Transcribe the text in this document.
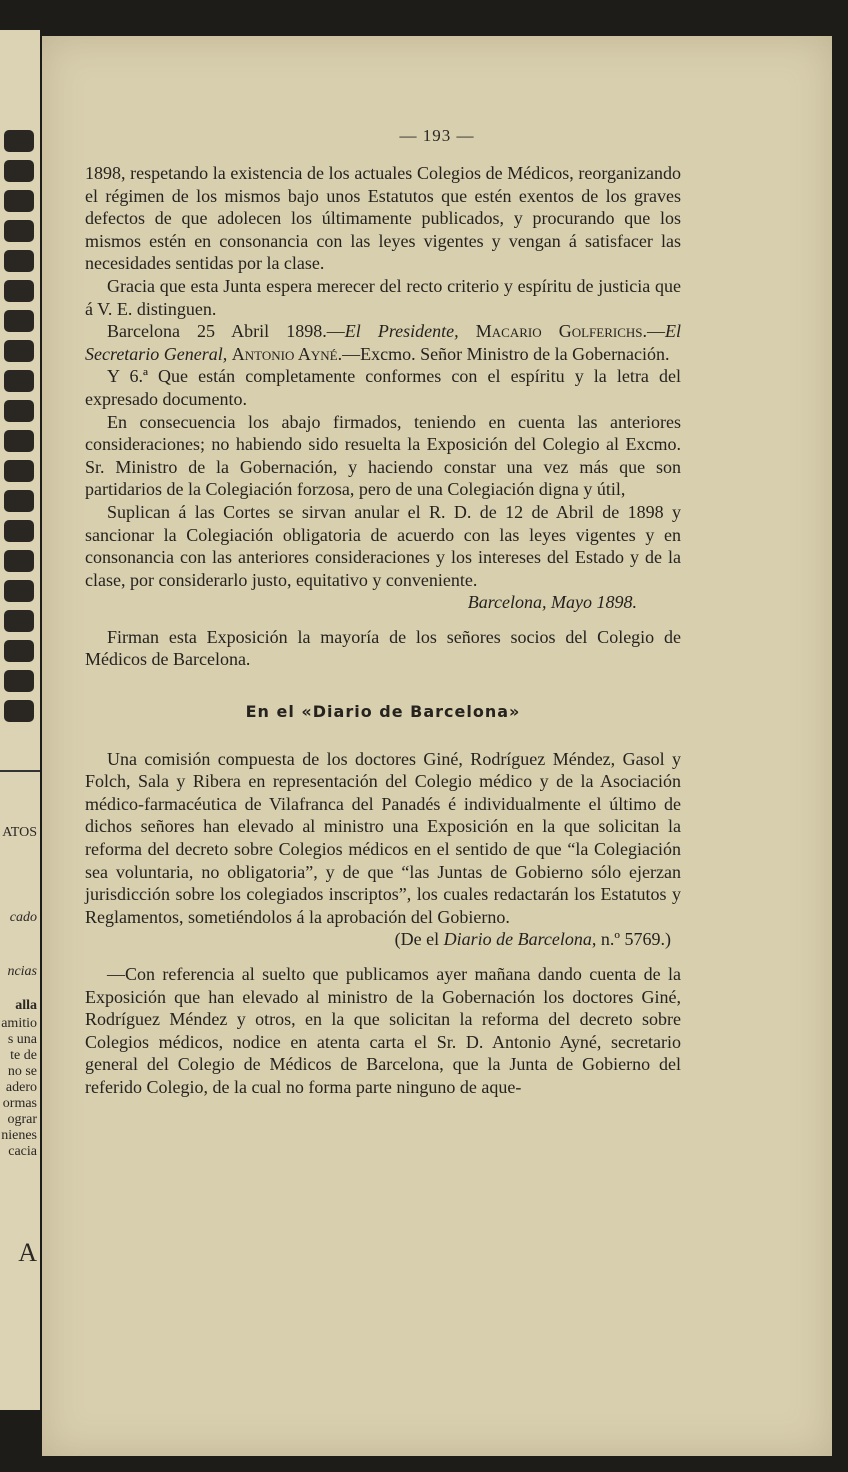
ATOS
cado
ncias
alla
amitio
s una
te de
no se
adero
ormas
ograr
nienes
cacia
A
— 193 —

1898, respetando la existencia de los actuales Colegios de Médicos, reorganizando el régimen de los mismos bajo unos Estatutos que estén exentos de los graves defectos de que adolecen los últimamente publicados, y procurando que los mismos estén en consonancia con las leyes vigentes y vengan á satisfacer las necesidades sentidas por la clase.

Gracia que esta Junta espera merecer del recto criterio y espíritu de justicia que á V. E. distinguen.

Barcelona 25 Abril 1898.—El Presidente, Macario Golferichs.—El Secretario General, Antonio Ayné.—Excmo. Señor Ministro de la Gobernación.

Y 6.ª Que están completamente conformes con el espíritu y la letra del expresado documento.

En consecuencia los abajo firmados, teniendo en cuenta las anteriores consideraciones; no habiendo sido resuelta la Exposición del Colegio al Excmo. Sr. Ministro de la Gobernación, y haciendo constar una vez más que son partidarios de la Colegiación forzosa, pero de una Colegiación digna y útil,

Suplican á las Cortes se sirvan anular el R. D. de 12 de Abril de 1898 y sancionar la Colegiación obligatoria de acuerdo con las leyes vigentes y en consonancia con las anteriores consideraciones y los intereses del Estado y de la clase, por considerarlo justo, equitativo y conveniente.

Barcelona, Mayo 1898.

Firman esta Exposición la mayoría de los señores socios del Colegio de Médicos de Barcelona.

En el «Diario de Barcelona»

Una comisión compuesta de los doctores Giné, Rodríguez Méndez, Gasol y Folch, Sala y Ribera en representación del Colegio médico y de la Asociación médico-farmacéutica de Vilafranca del Panadés é individualmente el último de dichos señores han elevado al ministro una Exposición en la que solicitan la reforma del decreto sobre Colegios médicos en el sentido de que “la Colegiación sea voluntaria, no obligatoria”, y de que “las Juntas de Gobierno sólo ejerzan jurisdicción sobre los colegiados inscriptos”, los cuales redactarán los Estatutos y Reglamentos, sometiéndolos á la aprobación del Gobierno.

(De el Diario de Barcelona, n.º 5769.)

—Con referencia al suelto que publicamos ayer mañana dando cuenta de la Exposición que han elevado al ministro de la Gobernación los doctores Giné, Rodríguez Méndez y otros, en la que solicitan la reforma del decreto sobre Colegios médicos, nodice en atenta carta el Sr. D. Antonio Ayné, secretario general del Colegio de Médicos de Barcelona, que la Junta de Gobierno del referido Colegio, de la cual no forma parte ninguno de aque-
